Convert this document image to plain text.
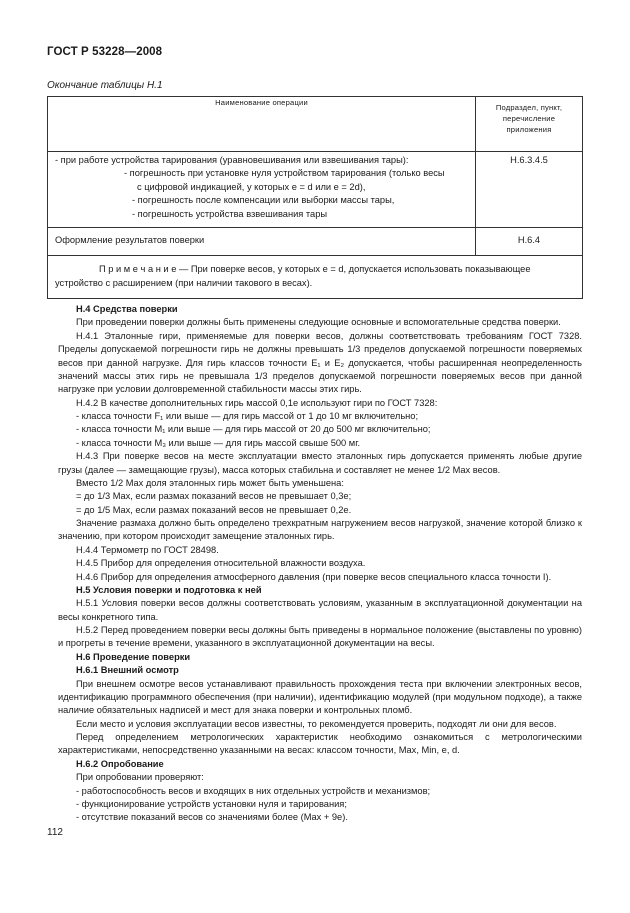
ГОСТ Р 53228—2008
Окончание таблицы Н.1
Наименование операции	Подраздел, пункт,
перечисление
приложения

- при работе устройства тарирования (уравновешивания или взвешивания тары):
- погрешность при установке нуля устройством тарирования (только весы
с цифровой индикацией, у которых e = d или e = 2d),
- погрешность после компенсации или выборки массы тары,
- погрешность устройства взвешивания тары	Н.6.3.4.5
Оформление результатов поверки	Н.6.4

П р и м е ч а н и е — При поверке весов, у которых e = d, допускается использовать показывающее
устройство с расширением (при наличии такового в весах).	

Н.4 Средства поверки

При проведении поверки должны быть применены следующие основные и вспомогательные средства поверки.

Н.4.1 Эталонные гири, применяемые для поверки весов, должны соответствовать требованиям ГОСТ 7328. Пределы допускаемой погрешности гирь не должны превышать 1/3 пределов допускаемой погрешности поверяемых весов при данной нагрузке. Для гирь классов точности E₁ и E₂ допускается, чтобы расширенная неопределенность значений массы этих гирь не превышала 1/3 пределов допускаемой погрешности поверяемых весов при данной нагрузке при условии долговременной стабильности массы этих гирь.

Н.4.2 В качестве дополнительных гирь массой 0,1e используют гири по ГОСТ 7328:

- класса точности F₁ или выше — для гирь массой от 1 до 10 мг включительно;

- класса точности M₁ или выше — для гирь массой от 20 до 500 мг включительно;

- класса точности M₃ или выше — для гирь массой свыше 500 мг.

Н.4.3 При поверке весов на месте эксплуатации вместо эталонных гирь допускается применять любые другие грузы (далее — замещающие грузы), масса которых стабильна и составляет не менее 1/2 Max весов.

Вместо 1/2 Max доля эталонных гирь может быть уменьшена:

= до 1/3 Max, если размах показаний весов не превышает 0,3e;

= до 1/5 Max, если размах показаний весов не превышает 0,2e.

Значение размаха должно быть определено трехкратным нагружением весов нагрузкой, значение которой близко к значению, при котором происходит замещение эталонных гирь.

Н.4.4 Термометр по ГОСТ 28498.

Н.4.5 Прибор для определения относительной влажности воздуха.

Н.4.6 Прибор для определения атмосферного давления (при поверке весов специального класса точности I).

Н.5 Условия поверки и подготовка к ней

Н.5.1 Условия поверки весов должны соответствовать условиям, указанным в эксплуатационной документации на весы конкретного типа.

Н.5.2 Перед проведением поверки весы должны быть приведены в нормальное положение (выставлены по уровню) и прогреты в течение времени, указанного в эксплуатационной документации на весы.

Н.6 Проведение поверки

Н.6.1 Внешний осмотр

При внешнем осмотре весов устанавливают правильность прохождения теста при включении электронных весов, идентификацию программного обеспечения (при наличии), идентификацию модулей (при модульном подходе), а также наличие обязательных надписей и мест для знака поверки и контрольных пломб.

Если место и условия эксплуатации весов известны, то рекомендуется проверить, подходят ли они для весов.

Перед определением метрологических характеристик необходимо ознакомиться с метрологическими характеристиками, непосредственно указанными на весах: классом точности, Max, Min, e, d.

Н.6.2 Опробование

При опробовании проверяют:

- работоспособность весов и входящих в них отдельных устройств и механизмов;

- функционирование устройств установки нуля и тарирования;

- отсутствие показаний весов со значениями более (Max + 9e).

112
